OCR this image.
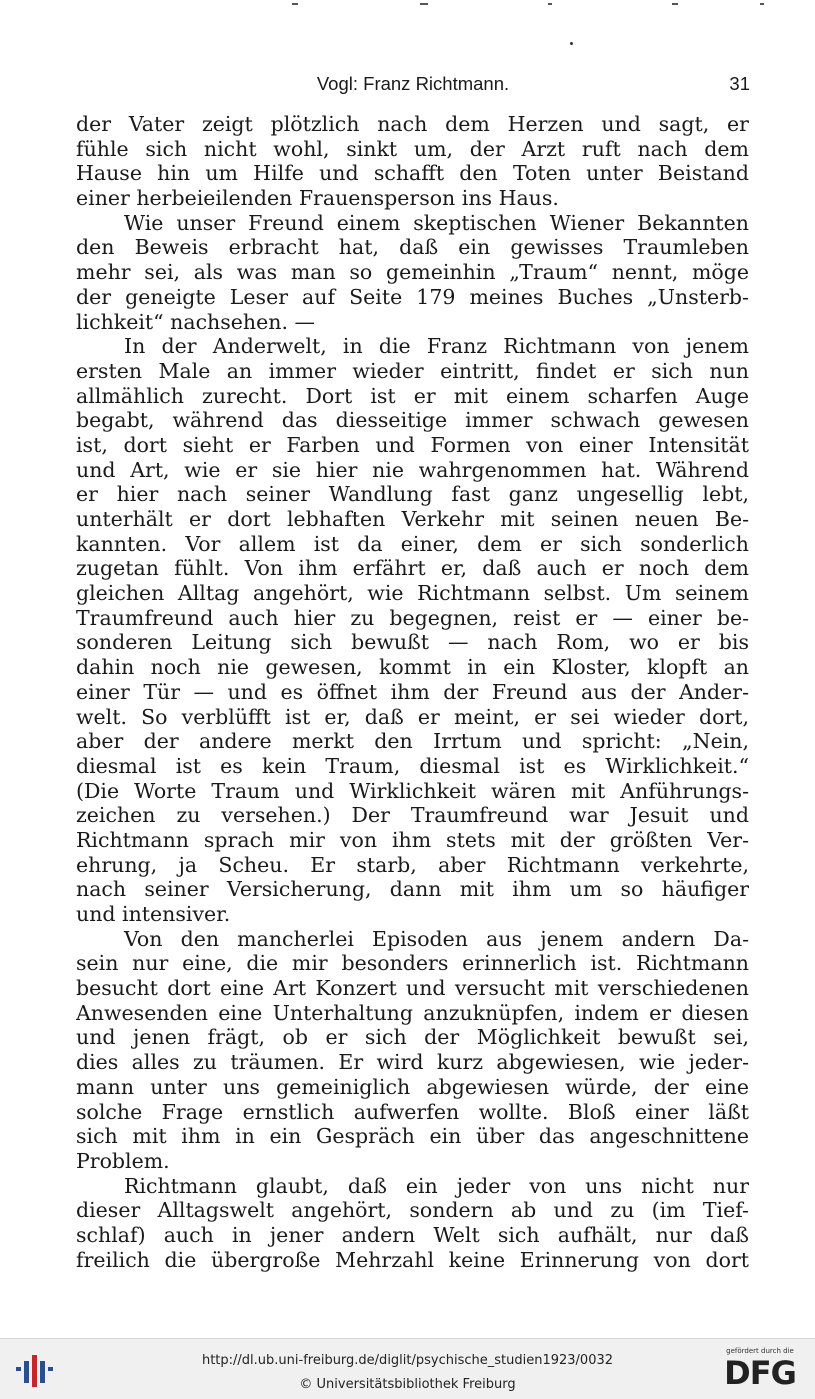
Vogl: Franz Richtmann.	31
der Vater zeigt plötzlich nach dem Herzen und sagt, er
fühle sich nicht wohl, sinkt um, der Arzt ruft nach dem
Hause hin um Hilfe und schafft den Toten unter Beistand
einer herbeieilenden Frauensperson ins Haus.
Wie unser Freund einem skeptischen Wiener Bekannten
den Beweis erbracht hat, daß ein gewisses Traumleben
mehr sei, als was man so gemeinhin „Traum“ nennt, möge
der geneigte Leser auf Seite 179 meines Buches „Unsterb-
lichkeit“ nachsehen. —
In der Anderwelt, in die Franz Richtmann von jenem
ersten Male an immer wieder eintritt, findet er sich nun
allmählich zurecht. Dort ist er mit einem scharfen Auge
begabt, während das diesseitige immer schwach gewesen
ist, dort sieht er Farben und Formen von einer Intensität
und Art, wie er sie hier nie wahrgenommen hat. Während
er hier nach seiner Wandlung fast ganz ungesellig lebt,
unterhält er dort lebhaften Verkehr mit seinen neuen Be-
kannten. Vor allem ist da einer, dem er sich sonderlich
zugetan fühlt. Von ihm erfährt er, daß auch er noch dem
gleichen Alltag angehört, wie Richtmann selbst. Um seinem
Traumfreund auch hier zu begegnen, reist er — einer be-
sonderen Leitung sich bewußt — nach Rom, wo er bis
dahin noch nie gewesen, kommt in ein Kloster, klopft an
einer Tür — und es öffnet ihm der Freund aus der Ander-
welt. So verblüfft ist er, daß er meint, er sei wieder dort,
aber der andere merkt den Irrtum und spricht: „Nein,
diesmal ist es kein Traum, diesmal ist es Wirklichkeit.“
(Die Worte Traum und Wirklichkeit wären mit Anführungs-
zeichen zu versehen.) Der Traumfreund war Jesuit und
Richtmann sprach mir von ihm stets mit der größten Ver-
ehrung, ja Scheu. Er starb, aber Richtmann verkehrte,
nach seiner Versicherung, dann mit ihm um so häufiger
und intensiver.
Von den mancherlei Episoden aus jenem andern Da-
sein nur eine, die mir besonders erinnerlich ist. Richtmann
besucht dort eine Art Konzert und versucht mit verschiedenen
Anwesenden eine Unterhaltung anzuknüpfen, indem er diesen
und jenen frägt, ob er sich der Möglichkeit bewußt sei,
dies alles zu träumen. Er wird kurz abgewiesen, wie jeder-
mann unter uns gemeiniglich abgewiesen würde, der eine
solche Frage ernstlich aufwerfen wollte. Bloß einer läßt
sich mit ihm in ein Gespräch ein über das angeschnittene
Problem.
Richtmann glaubt, daß ein jeder von uns nicht nur
dieser Alltagswelt angehört, sondern ab und zu (im Tief-
schlaf) auch in jener andern Welt sich aufhält, nur daß
freilich die übergroße Mehrzahl keine Erinnerung von dort
http://dl.ub.uni-freiburg.de/diglit/psychische_studien1923/0032
© Universitätsbibliothek Freiburg
gefördert durch die
DFG
